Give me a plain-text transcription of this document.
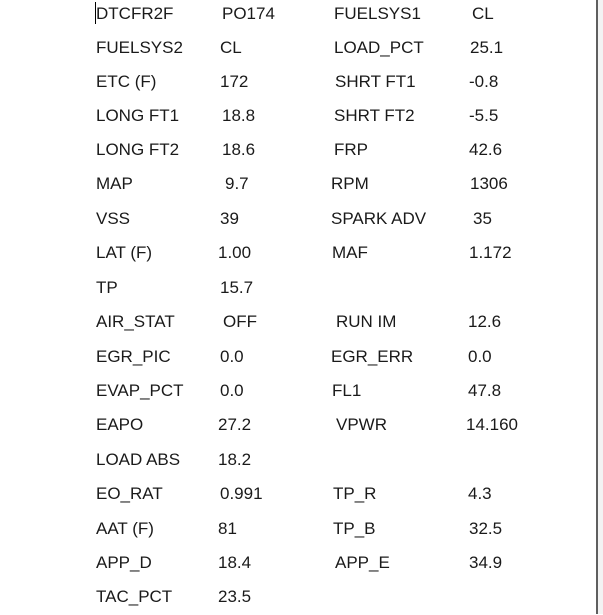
DTCFR2F	PO174	FUELSYS1	CL
FUELSYS2 CL	LOAD_PCT	25.1
ETC (F)	172	SHRT FT1	-0.8
LONG FT1	18.8	SHRT FT2	-5.5
LONG FT2	18.6	FRP	42.6
MAP	9.7	RPM	1306
VSS	39	SPARK ADV	35
LAT (F)	1.00	MAF	1.172
TP	15.7
AIR_STAT	OFF	RUN IM	12.6
EGR_PIC	0.0	EGR_ERR	0.0
EVAP_PCT 0.0	FL1	47.8
EAPO	27.2	VPWR	14.160
LOAD ABS 18.2
EO_RAT	0.991	TP_R	4.3
AAT (F)	81	TP_B	32.5
APP_D	18.4	APP_E	34.9
TAC_PCT	23.5
